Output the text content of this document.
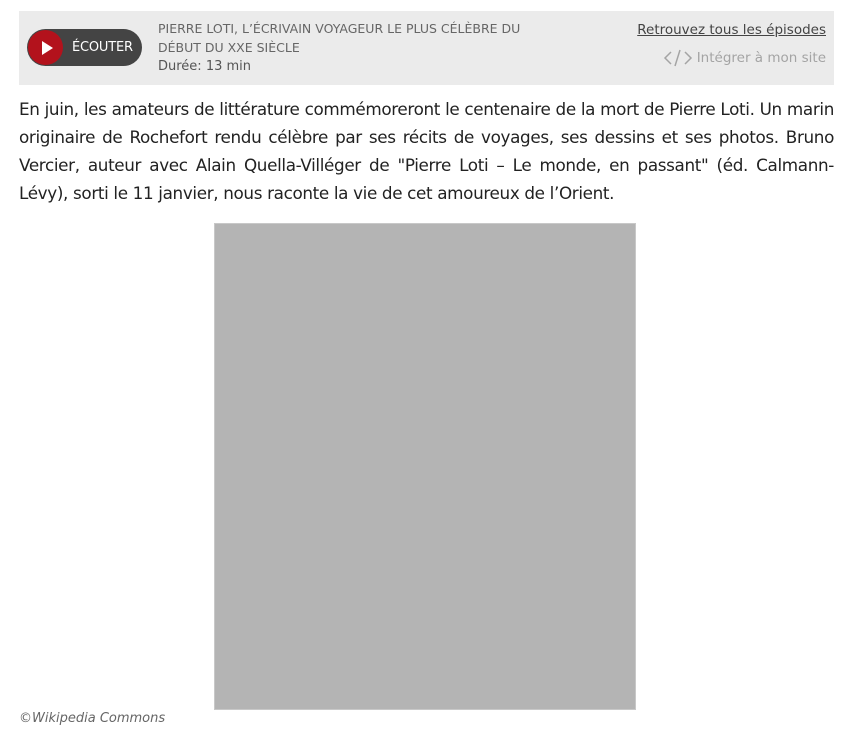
ÉCOUTER
PIERRE LOTI, L’ÉCRIVAIN VOYAGEUR LE PLUS CÉLÈBRE DU DÉBUT DU XXE SIÈCLE
Durée: 13 min
Retrouvez tous les épisodes
Intégrer à mon site

En juin, les amateurs de littérature commémoreront le centenaire de la mort de Pierre Loti. Un marin originaire de Rochefort rendu célèbre par ses récits de voyages, ses dessins et ses photos. Bruno Vercier, auteur avec Alain Quella-Villéger de "Pierre Loti – Le monde, en passant" (éd. Calmann-Lévy), sorti le 11 janvier, nous raconte la vie de cet amoureux de l’Orient.

©Wikipedia Commons
